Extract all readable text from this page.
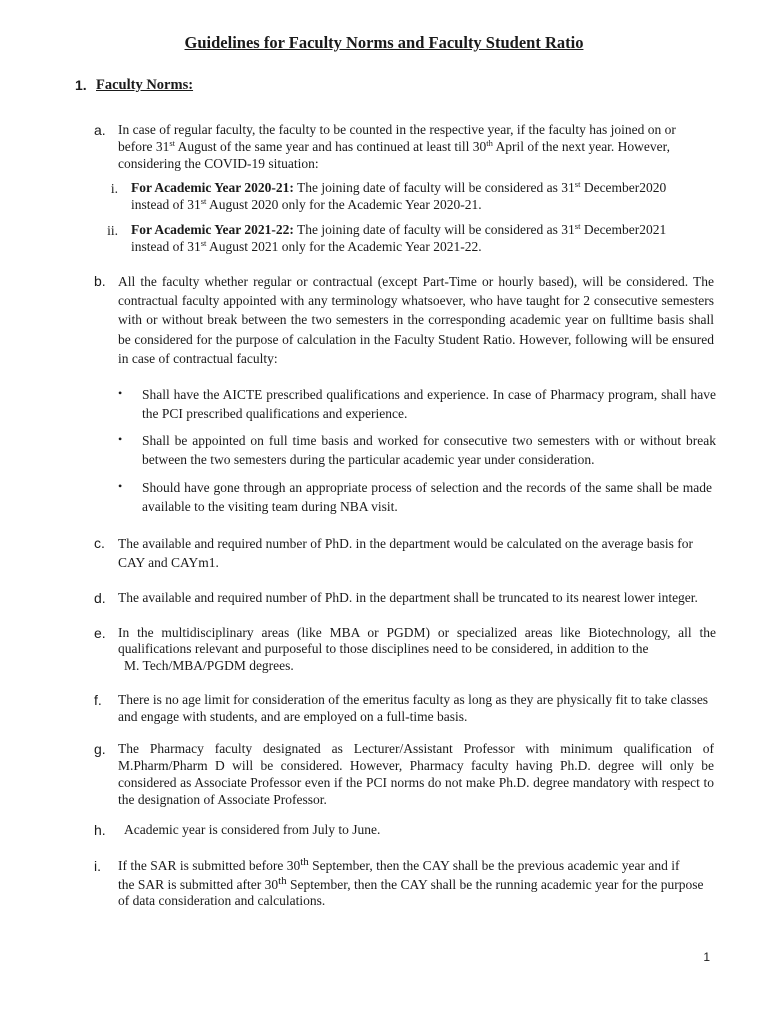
Guidelines for Faculty Norms and Faculty Student Ratio
1. Faculty Norms:
a. In case of regular faculty, the faculty to be counted in the respective year, if the faculty has joined on or
before 31st August of the same year and has continued at least till 30th April of the next year. However,
considering the COVID-19 situation:
i. For Academic Year 2020-21: The joining date of faculty will be considered as 31st December2020
instead of 31st August 2020 only for the Academic Year 2020-21.
ii. For Academic Year 2021-22: The joining date of faculty will be considered as 31st December2021
instead of 31st August 2021 only for the Academic Year 2021-22.
b. All the faculty whether regular or contractual (except Part-Time or hourly based), will be considered. The contractual faculty appointed with any terminology whatsoever, who have taught for 2 consecutive semesters with or without break between the two semesters in the corresponding academic year on fulltime basis shall be considered for the purpose of calculation in the Faculty Student Ratio. However, following will be ensured in case of contractual faculty:
• Shall have the AICTE prescribed qualifications and experience. In case of Pharmacy program, shall have the PCI prescribed qualifications and experience.
• Shall be appointed on full time basis and worked for consecutive two semesters with or without break between the two semesters during the particular academic year under consideration.
• Should have gone through an appropriate process of selection and the records of the same shall be made available to the visiting team during NBA visit.
c. The available and required number of PhD. in the department would be calculated on the average basis for CAY and CAYm1.
d. The available and required number of PhD. in the department shall be truncated to its nearest lower integer.
e. In the multidisciplinary areas (like MBA or PGDM) or specialized areas like Biotechnology, all the
qualifications relevant and purposeful to those disciplines need to be considered, in addition to the
M. Tech/MBA/PGDM degrees.
f. There is no age limit for consideration of the emeritus faculty as long as they are physically fit to take classes and engage with students, and are employed on a full-time basis.
g. The Pharmacy faculty designated as Lecturer/Assistant Professor with minimum qualification of M.Pharm/Pharm D will be considered. However, Pharmacy faculty having Ph.D. degree will only be considered as Associate Professor even if the PCI norms do not make Ph.D. degree mandatory with respect to the designation of Associate Professor.
h. Academic year is considered from July to June.
i. If the SAR is submitted before 30th September, then the CAY shall be the previous academic year and if
the SAR is submitted after 30th September, then the CAY shall be the running academic year for the purpose
of data consideration and calculations.
1
